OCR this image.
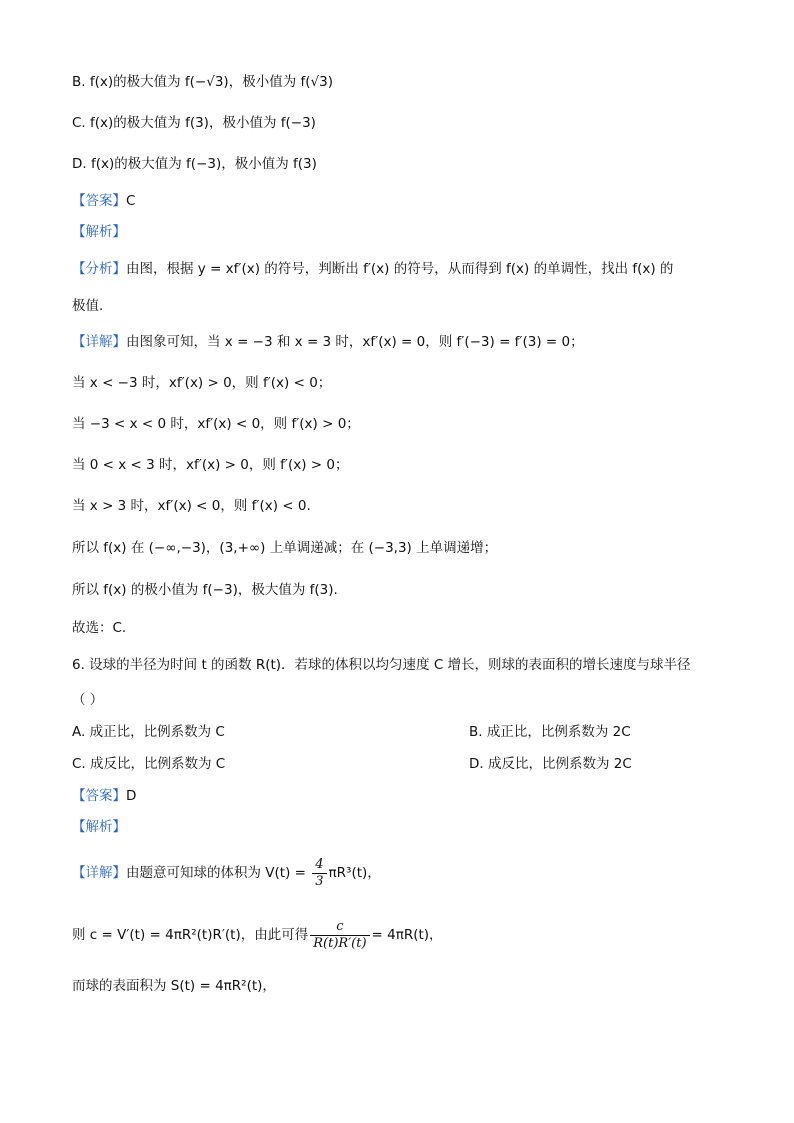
B. f(x)的极大值为 f(−√3)，极小值为 f(√3)
C. f(x)的极大值为 f(3)，极小值为 f(−3)
D. f(x)的极大值为 f(−3)，极小值为 f(3)
【答案】C
【解析】
【分析】由图，根据 y = xf′(x) 的符号，判断出 f′(x) 的符号，从而得到 f(x) 的单调性，找出 f(x) 的
极值.
【详解】由图象可知，当 x = −3 和 x = 3 时，xf′(x) = 0，则 f′(−3) = f′(3) = 0；
当 x < −3 时，xf′(x) > 0，则 f′(x) < 0；
当 −3 < x < 0 时，xf′(x) < 0，则 f′(x) > 0；
当 0 < x < 3 时，xf′(x) > 0，则 f′(x) > 0；
当 x > 3 时，xf′(x) < 0，则 f′(x) < 0.
所以 f(x) 在 (−∞,−3)，(3,+∞) 上单调递减；在 (−3,3) 上单调递增；
所以 f(x) 的极小值为 f(−3)，极大值为 f(3).
故选：C.
6. 设球的半径为时间 t 的函数 R(t)．若球的体积以均匀速度 C 增长，则球的表面积的增长速度与球半径
（ ）
A. 成正比，比例系数为 C	B. 成正比，比例系数为 2C
C. 成反比，比例系数为 C	D. 成反比，比例系数为 2C
【答案】D
【解析】
【详解】由题意可知球的体积为 $V(t) = \frac{4}{3} \pi R^3(t)$，
则 c = V′(t) = 4πR²(t)R′(t)，由此可得 $\frac{c}{R(t)R'(t)} = 4\pi R(t)$，
而球的表面积为 S(t) = 4πR²(t)，
